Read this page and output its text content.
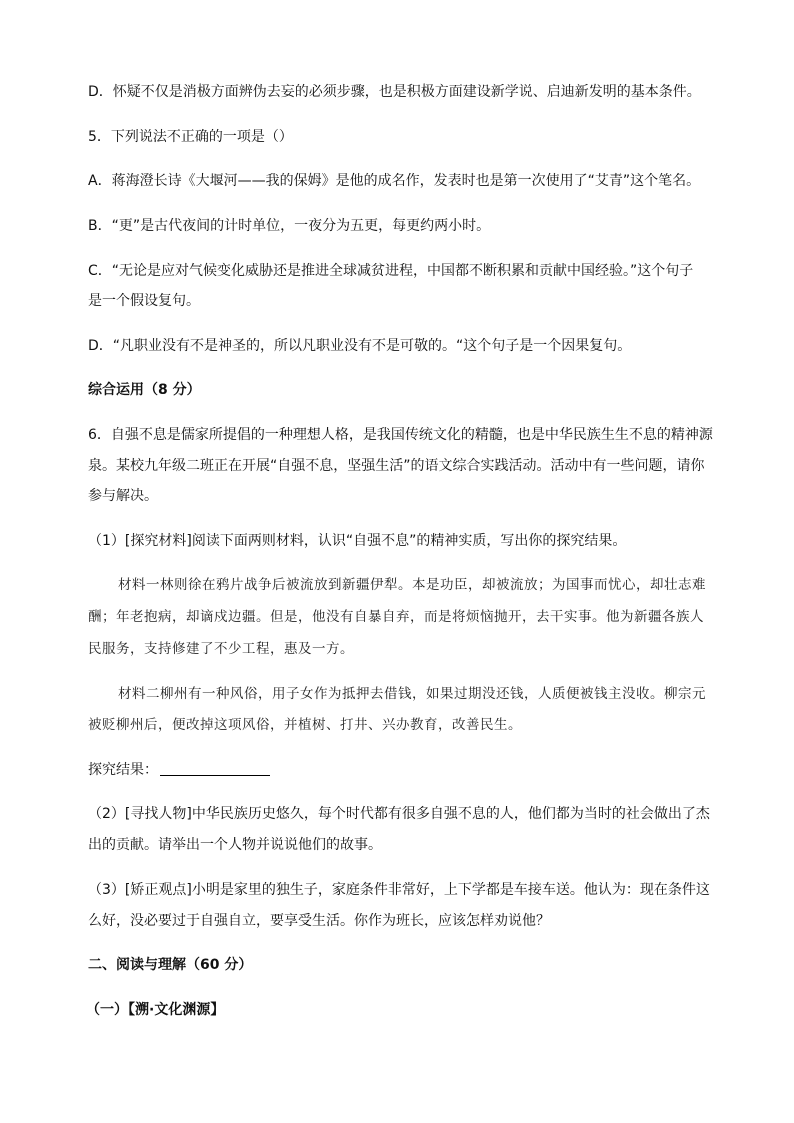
D．怀疑不仅是消极方面辨伪去妄的必须步骤，也是积极方面建设新学说、启迪新发明的基本条件。
5．下列说法不正确的一项是（）
A．蒋海澄长诗《大堰河——我的保姆》是他的成名作，发表时也是第一次使用了“艾青”这个笔名。
B．“更”是古代夜间的计时单位，一夜分为五更，每更约两小时。
C．“无论是应对气候变化威胁还是推进全球减贫进程，中国都不断积累和贡献中国经验。”这个句子
是一个假设复句。
D．“凡职业没有不是神圣的，所以凡职业没有不是可敬的。“这个句子是一个因果复句。
综合运用（8 分）
6．自强不息是儒家所提倡的一种理想人格，是我国传统文化的精髓，也是中华民族生生不息的精神源
泉。某校九年级二班正在开展“自强不息，坚强生活”的语文综合实践活动。活动中有一些问题，请你
参与解决。
（1）[探究材料]阅读下面两则材料，认识“自强不息”的精神实质，写出你的探究结果。
材料一林则徐在鸦片战争后被流放到新疆伊犁。本是功臣，却被流放；为国事而忧心，却壮志难
酬；年老抱病，却谪戍边疆。但是，他没有自暴自弃，而是将烦恼抛开，去干实事。他为新疆各族人
民服务，支持修建了不少工程，惠及一方。
材料二柳州有一种风俗，用子女作为抵押去借钱，如果过期没还钱，人质便被钱主没收。柳宗元
被贬柳州后，便改掉这项风俗，并植树、打井、兴办教育，改善民生。
探究结果：
（2）[寻找人物]中华民族历史悠久，每个时代都有很多自强不息的人，他们都为当时的社会做出了杰
出的贡献。请举出一个人物并说说他们的故事。
（3）[矫正观点]小明是家里的独生子，家庭条件非常好，上下学都是车接车送。他认为：现在条件这
么好，没必要过于自强自立，要享受生活。你作为班长，应该怎样劝说他？
二、阅读与理解（60 分）
（一）【溯·文化渊源】
